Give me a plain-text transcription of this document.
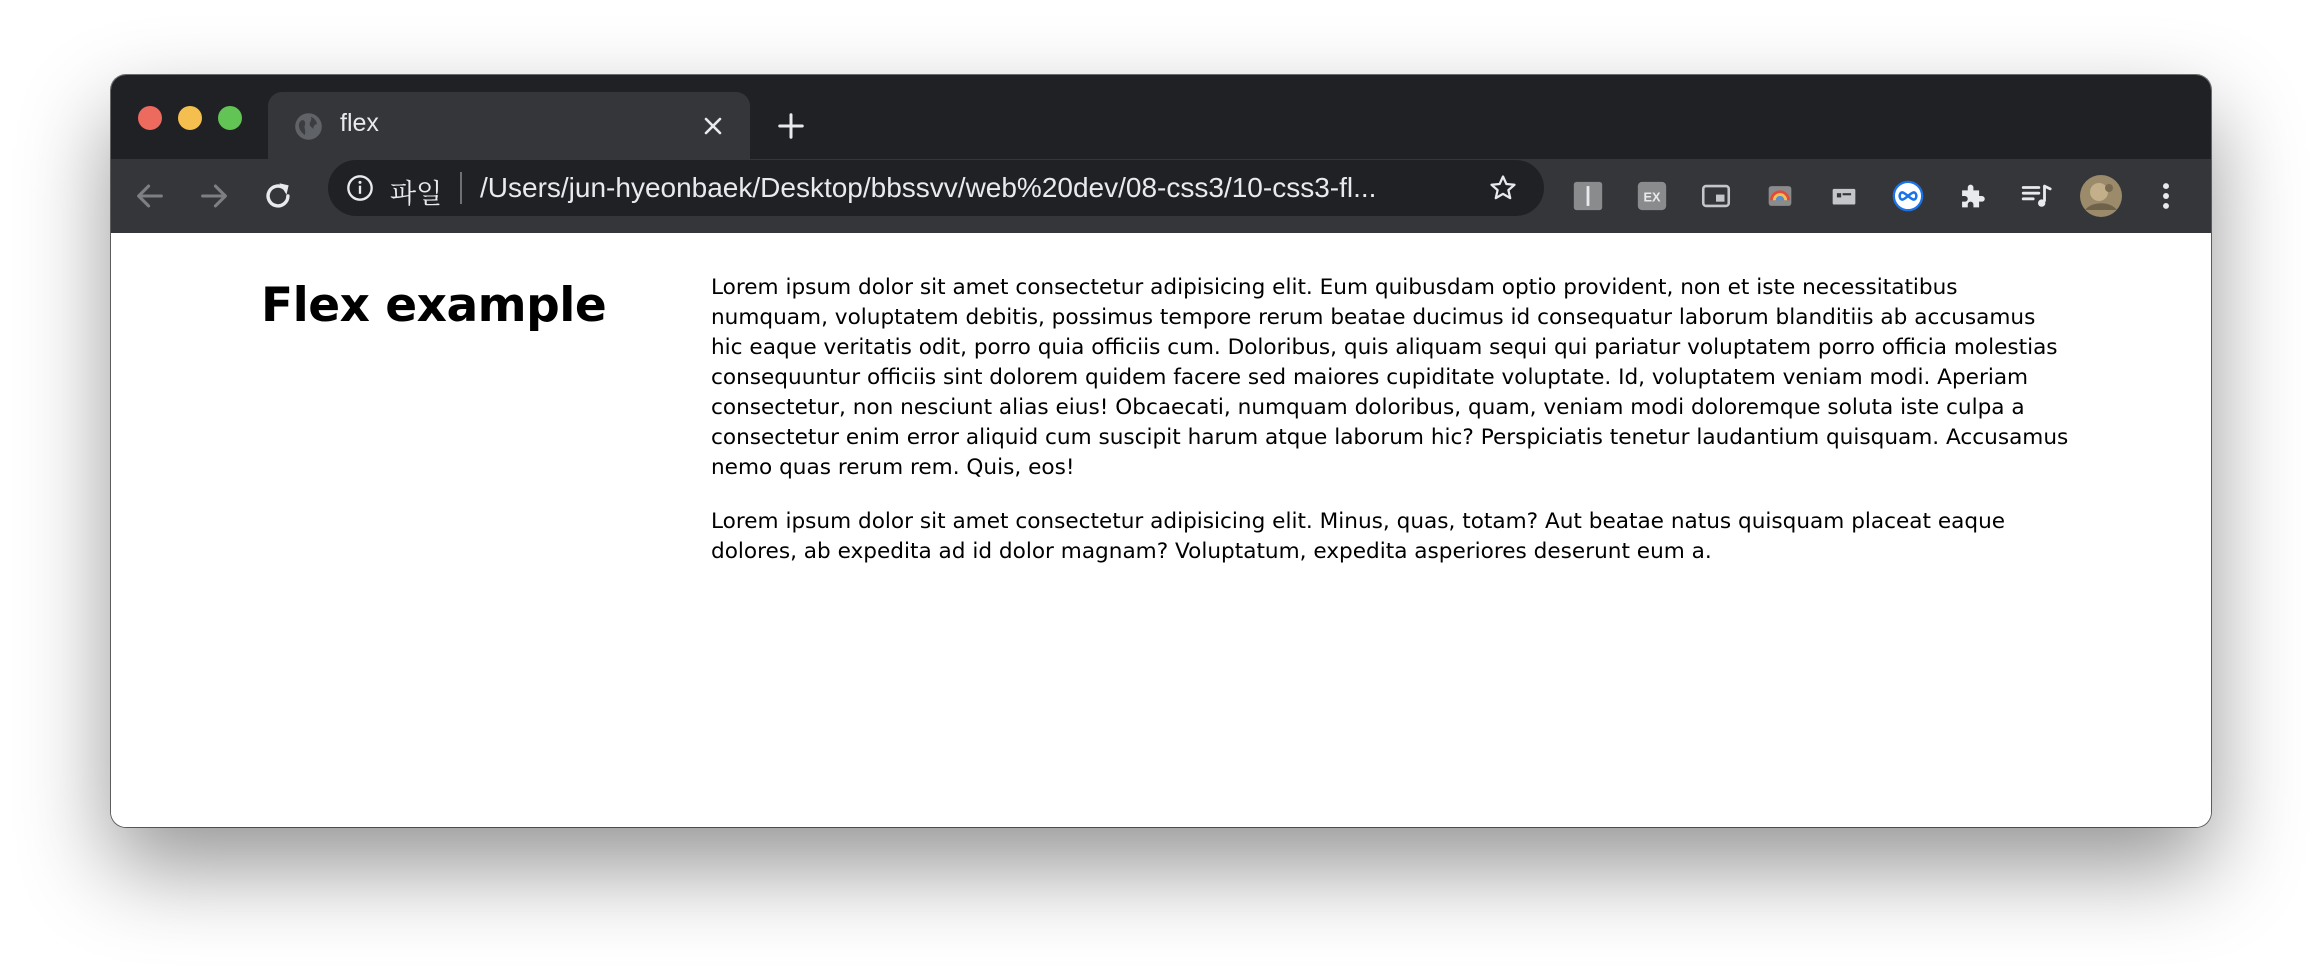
flex
EX
파일 /Users/jun-hyeonbaek/Desktop/bbssvv/web%20dev/08-css3/10-css3-fl...
Flex example	Lorem ipsum dolor sit amet consectetur adipisicing elit. Eum quibusdam optio provident, non et iste necessitatibus numquam, voluptatem debitis, possimus tempore rerum beatae ducimus id consequatur laborum blanditiis ab accusamus hic eaque veritatis odit, porro quia officiis cum. Doloribus, quis aliquam sequi qui pariatur voluptatem porro officia molestias consequuntur officiis sint dolorem quidem facere sed maiores cupiditate voluptate. Id, voluptatem veniam modi. Aperiam consectetur, non nesciunt alias eius! Obcaecati, numquam doloribus, quam, veniam modi doloremque soluta iste culpa a consectetur enim error aliquid cum suscipit harum atque laborum hic? Perspiciatis tenetur laudantium quisquam. Accusamus nemo quas rerum rem. Quis, eos!

Lorem ipsum dolor sit amet consectetur adipisicing elit. Minus, quas, totam? Aut beatae natus quisquam placeat eaque dolores, ab expedita ad id dolor magnam? Voluptatum, expedita asperiores deserunt eum a.
